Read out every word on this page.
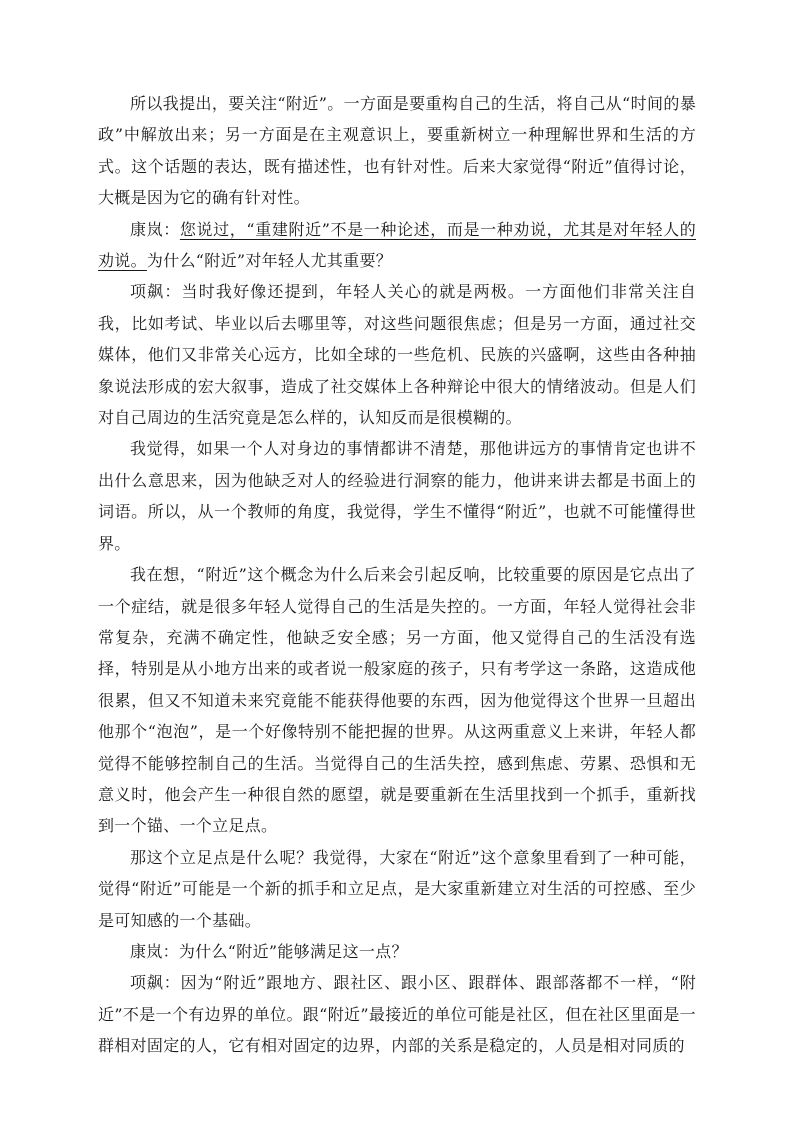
所以我提出，要关注“附近”。一方面是要重构自己的生活，将自己从“时间的暴政”中解放出来；另一方面是在主观意识上，要重新树立一种理解世界和生活的方式。这个话题的表达，既有描述性，也有针对性。后来大家觉得“附近”值得讨论，大概是因为它的确有针对性。

康岚：您说过，“重建附近”不是一种论述，而是一种劝说，尤其是对年轻人的劝说。为什么“附近”对年轻人尤其重要？

项飙：当时我好像还提到，年轻人关心的就是两极。一方面他们非常关注自我，比如考试、毕业以后去哪里等，对这些问题很焦虑；但是另一方面，通过社交媒体，他们又非常关心远方，比如全球的一些危机、民族的兴盛啊，这些由各种抽象说法形成的宏大叙事，造成了社交媒体上各种辩论中很大的情绪波动。但是人们对自己周边的生活究竟是怎么样的，认知反而是很模糊的。

我觉得，如果一个人对身边的事情都讲不清楚，那他讲远方的事情肯定也讲不出什么意思来，因为他缺乏对人的经验进行洞察的能力，他讲来讲去都是书面上的词语。所以，从一个教师的角度，我觉得，学生不懂得“附近”，也就不可能懂得世界。

我在想，“附近”这个概念为什么后来会引起反响，比较重要的原因是它点出了一个症结，就是很多年轻人觉得自己的生活是失控的。一方面，年轻人觉得社会非常复杂，充满不确定性，他缺乏安全感；另一方面，他又觉得自己的生活没有选择，特别是从小地方出来的或者说一般家庭的孩子，只有考学这一条路，这造成他很累，但又不知道未来究竟能不能获得他要的东西，因为他觉得这个世界一旦超出他那个“泡泡”，是一个好像特别不能把握的世界。从这两重意义上来讲，年轻人都觉得不能够控制自己的生活。当觉得自己的生活失控，感到焦虑、劳累、恐惧和无意义时，他会产生一种很自然的愿望，就是要重新在生活里找到一个抓手，重新找到一个锚、一个立足点。

那这个立足点是什么呢？我觉得，大家在“附近”这个意象里看到了一种可能，觉得“附近”可能是一个新的抓手和立足点，是大家重新建立对生活的可控感、至少是可知感的一个基础。

康岚：为什么“附近”能够满足这一点？

项飙：因为“附近”跟地方、跟社区、跟小区、跟群体、跟部落都不一样，“附近”不是一个有边界的单位。跟“附近”最接近的单位可能是社区，但在社区里面是一群相对固定的人，它有相对固定的边界，内部的关系是稳定的，人员是相对同质的
